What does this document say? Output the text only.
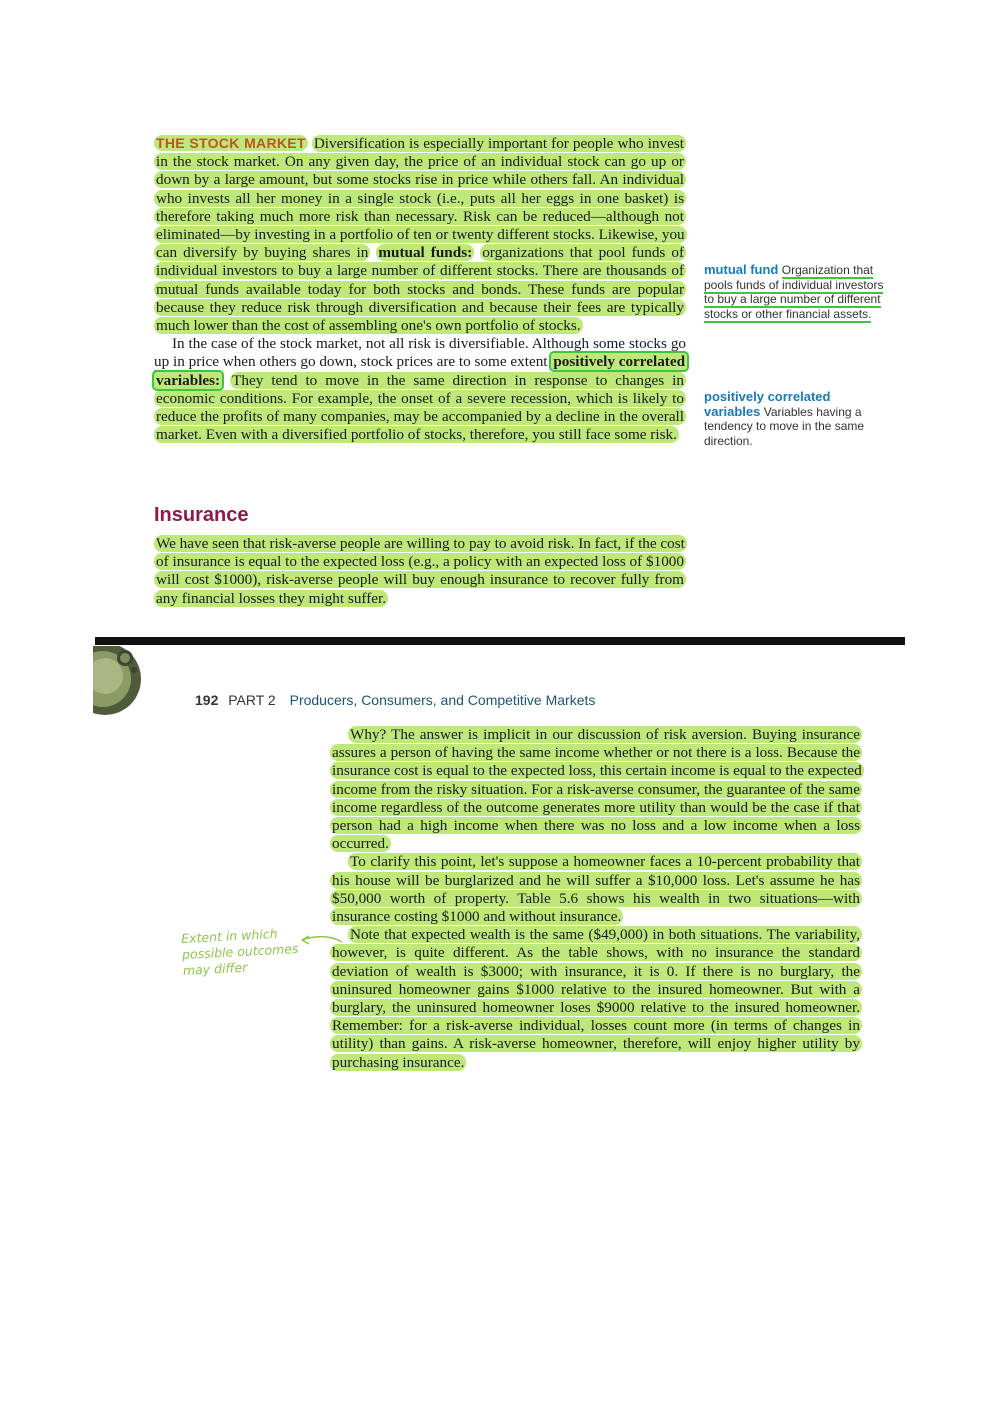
THE STOCK MARKET Diversification is especially important for people who invest in the stock market. On any given day, the price of an individual stock can go up or down by a large amount, but some stocks rise in price while others fall. An individual who invests all her money in a single stock (i.e., puts all her eggs in one basket) is therefore taking much more risk than necessary. Risk can be reduced—although not eliminated—by investing in a portfolio of ten or twenty different stocks. Likewise, you can diversify by buying shares in mutual funds: organizations that pool funds of individual investors to buy a large number of different stocks. There are thousands of mutual funds available today for both stocks and bonds. These funds are popular because they reduce risk through diversification and because their fees are typically much lower than the cost of assembling one's own portfolio of stocks.

In the case of the stock market, not all risk is diversifiable. Although some stocks go up in price when others go down, stock prices are to some extent positively correlated variables: They tend to move in the same direction in response to changes in economic conditions. For example, the onset of a severe recession, which is likely to reduce the profits of many companies, may be accompanied by a decline in the overall market. Even with a diversified portfolio of stocks, therefore, you still face some risk.

Insurance

We have seen that risk-averse people are willing to pay to avoid risk. In fact, if the cost of insurance is equal to the expected loss (e.g., a policy with an expected loss of $1000 will cost $1000), risk-averse people will buy enough insurance to recover fully from any financial losses they might suffer.

mutual fund Organization that pools funds of individual investors to buy a large number of different stocks or other financial assets.
positively correlated variables Variables having a tendency to move in the same direction.
192 PART 2 Producers, Consumers, and Competitive Markets

Why? The answer is implicit in our discussion of risk aversion. Buying insurance assures a person of having the same income whether or not there is a loss. Because the insurance cost is equal to the expected loss, this certain income is equal to the expected income from the risky situation. For a risk-averse consumer, the guarantee of the same income regardless of the outcome generates more utility than would be the case if that person had a high income when there was no loss and a low income when a loss occurred.

To clarify this point, let's suppose a homeowner faces a 10-percent probability that his house will be burglarized and he will suffer a $10,000 loss. Let's assume he has $50,000 worth of property. Table 5.6 shows his wealth in two situations—with insurance costing $1000 and without insurance.

Note that expected wealth is the same ($49,000) in both situations. The variability, however, is quite different. As the table shows, with no insurance the standard deviation of wealth is $3000; with insurance, it is 0. If there is no burglary, the uninsured homeowner gains $1000 relative to the insured homeowner. But with a burglary, the uninsured homeowner loses $9000 relative to the insured homeowner. Remember: for a risk-averse individual, losses count more (in terms of changes in utility) than gains. A risk-averse homeowner, therefore, will enjoy higher utility by purchasing insurance.

Extent in which
possible outcomes
may differ
